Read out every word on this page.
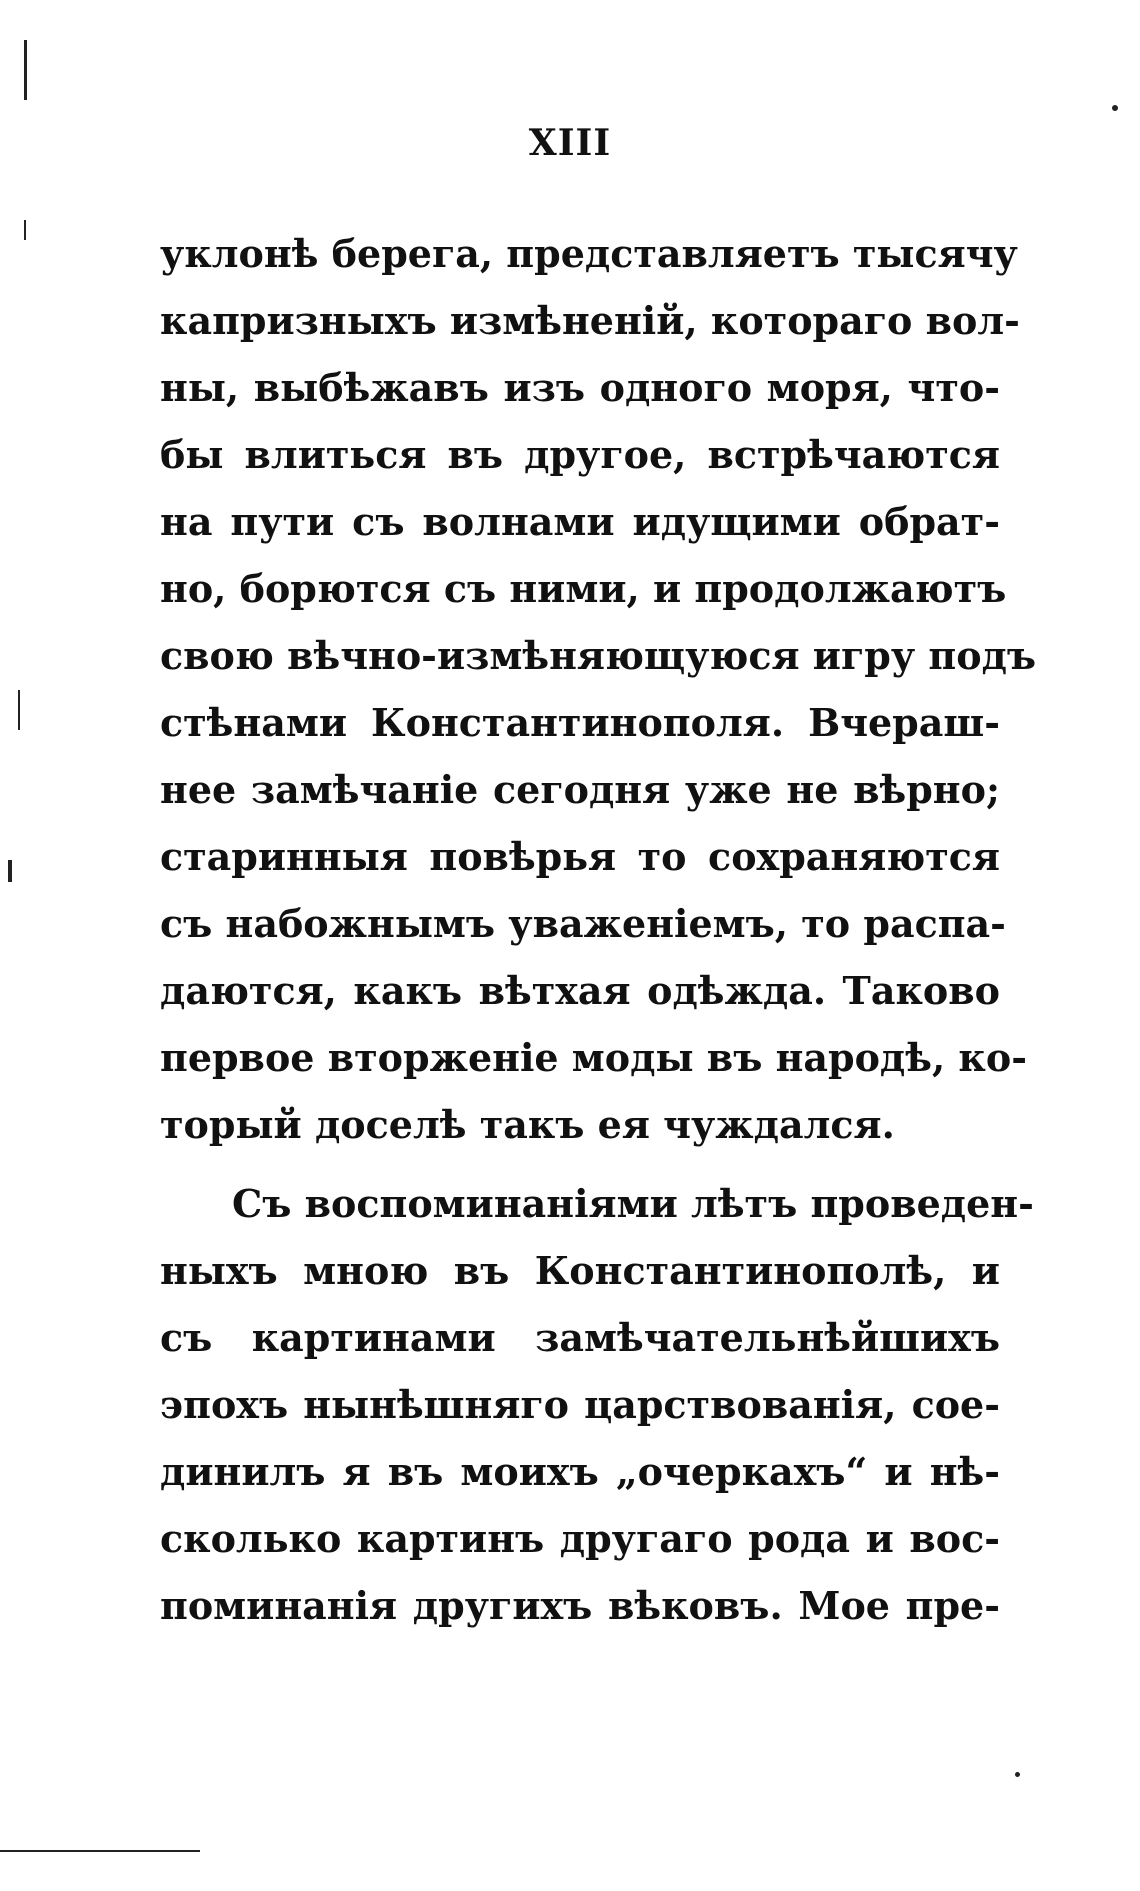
XIII
уклонѣ берега, представляетъ тысячу
капризныхъ измѣненій, котораго вол-
ны, выбѣжавъ изъ одного моря, что-
бы влиться въ другое, встрѣчаются
на пути съ волнами идущими обрат-
но, борются съ ними, и продолжаютъ
свою вѣчно-измѣняющуюся игру подъ
стѣнами Константинополя. Вчераш-
нее замѣчаніе сегодня уже не вѣрно;
старинныя повѣрья то сохраняются
съ набожнымъ уваженіемъ, то распа-
даются, какъ вѣтхая одѣжда. Таково
первое вторженіе моды въ народѣ, ко-
торый доселѣ такъ ея чуждался.
Съ воспоминаніями лѣтъ проведен-
ныхъ мною въ Константинополѣ, и
съ картинами замѣчательнѣйшихъ
эпохъ нынѣшняго царствованія, сое-
динилъ я въ моихъ „очеркахъ“ и нѣ-
сколько картинъ другаго рода и вос-
поминанія другихъ вѣковъ. Мое пре-
